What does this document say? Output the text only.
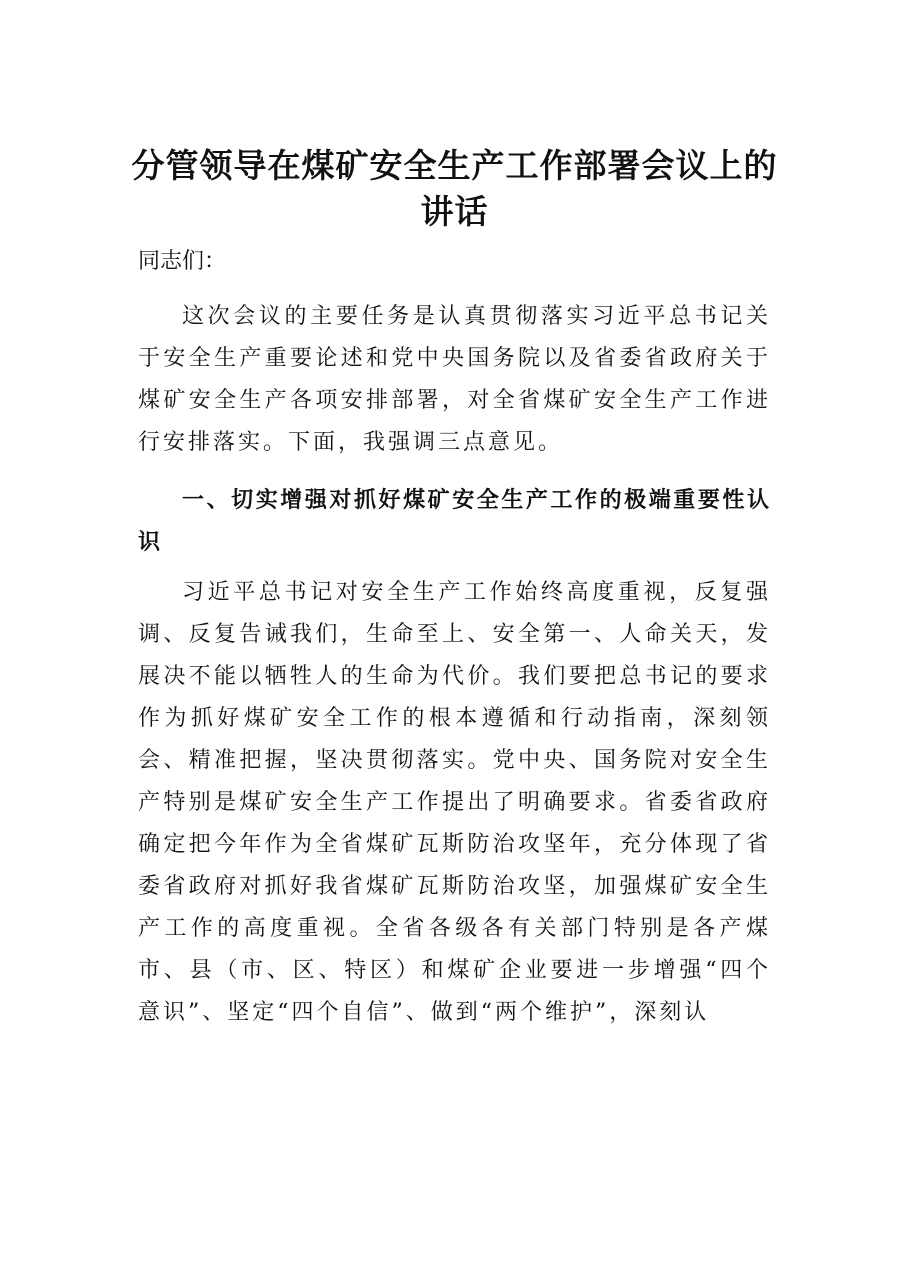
分管领导在煤矿安全生产工作部署会议上的讲话

同志们：

这次会议的主要任务是认真贯彻落实习近平总书记关于安全生产重要论述和党中央国务院以及省委省政府关于煤矿安全生产各项安排部署，对全省煤矿安全生产工作进行安排落实。下面，我强调三点意见。

一、切实增强对抓好煤矿安全生产工作的极端重要性认识

习近平总书记对安全生产工作始终高度重视，反复强调、反复告诫我们，生命至上、安全第一、人命关天，发展决不能以牺牲人的生命为代价。我们要把总书记的要求作为抓好煤矿安全工作的根本遵循和行动指南，深刻领会、精准把握，坚决贯彻落实。党中央、国务院对安全生产特别是煤矿安全生产工作提出了明确要求。省委省政府确定把今年作为全省煤矿瓦斯防治攻坚年，充分体现了省委省政府对抓好我省煤矿瓦斯防治攻坚，加强煤矿安全生产工作的高度重视。全省各级各有关部门特别是各产煤市、县（市、区、特区）和煤矿企业要进一步增强“四个意识”、坚定“四个自信”、做到“两个维护”，深刻认
